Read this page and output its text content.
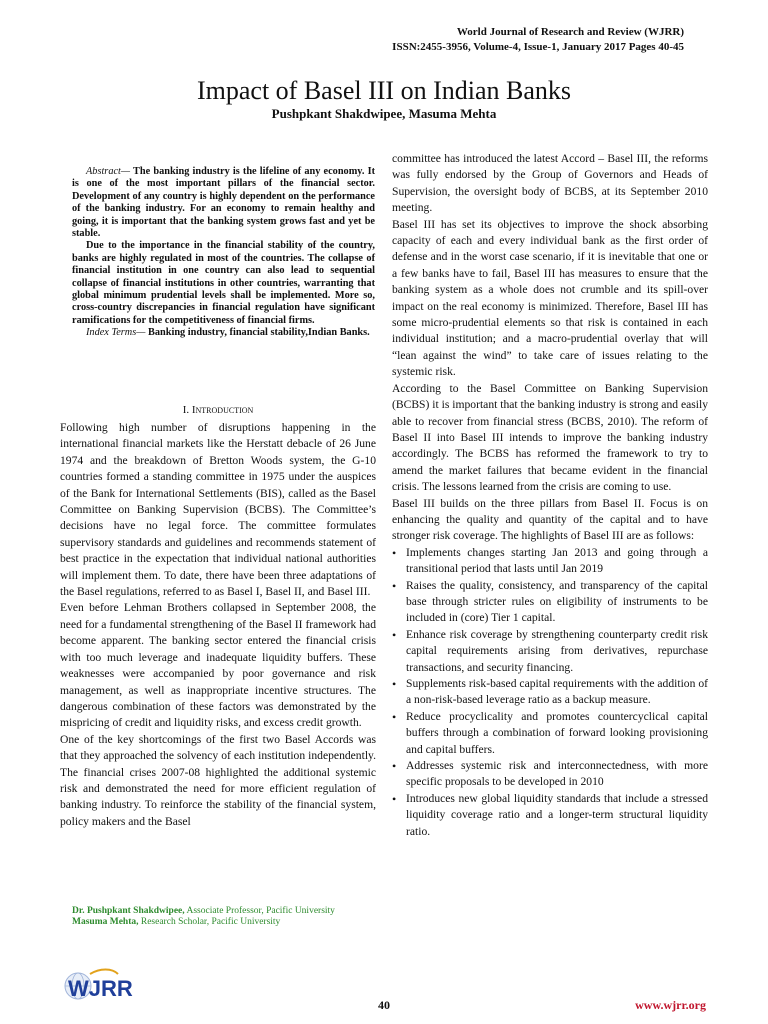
World Journal of Research and Review (WJRR)
ISSN:2455-3956, Volume-4, Issue-1, January 2017 Pages 40-45
Impact of Basel III on Indian Banks
Pushpkant Shakdwipee, Masuma Mehta

Abstract— The banking industry is the lifeline of any economy. It is one of the most important pillars of the financial sector. Development of any country is highly dependent on the performance of the banking industry. For an economy to remain healthy and going, it is important that the banking system grows fast and yet be stable.

Due to the importance in the financial stability of the country, banks are highly regulated in most of the countries. The collapse of financial institution in one country can also lead to sequential collapse of financial institutions in other countries, warranting that global minimum prudential levels shall be implemented. More so, cross-country discrepancies in financial regulation have significant ramifications for the competitiveness of financial firms.

Index Terms— Banking industry, financial stability,Indian Banks.

I. Introduction

Following high number of disruptions happening in the international financial markets like the Herstatt debacle of 26 June 1974 and the breakdown of Bretton Woods system, the G-10 countries formed a standing committee in 1975 under the auspices of the Bank for International Settlements (BIS), called as the Basel Committee on Banking Supervision (BCBS). The Committee’s decisions have no legal force. The committee formulates supervisory standards and guidelines and recommends statement of best practice in the expectation that individual national authorities will implement them. To date, there have been three adaptations of the Basel regulations, referred to as Basel I, Basel II, and Basel III.

Even before Lehman Brothers collapsed in September 2008, the need for a fundamental strengthening of the Basel II framework had become apparent. The banking sector entered the financial crisis with too much leverage and inadequate liquidity buffers. These weaknesses were accompanied by poor governance and risk management, as well as inappropriate incentive structures. The dangerous combination of these factors was demonstrated by the mispricing of credit and liquidity risks, and excess credit growth.

One of the key shortcomings of the first two Basel Accords was that they approached the solvency of each institution independently. The financial crises 2007-08 highlighted the additional systemic risk and demonstrated the need for more efficient regulation of banking industry. To reinforce the stability of the financial system, policy makers and the Basel

committee has introduced the latest Accord – Basel III, the reforms was fully endorsed by the Group of Governors and Heads of Supervision, the oversight body of BCBS, at its September 2010 meeting.

Basel III has set its objectives to improve the shock absorbing capacity of each and every individual bank as the first order of defense and in the worst case scenario, if it is inevitable that one or a few banks have to fail, Basel III has measures to ensure that the banking system as a whole does not crumble and its spill-over impact on the real economy is minimized. Therefore, Basel III has some micro-prudential elements so that risk is contained in each individual institution; and a macro-prudential overlay that will “lean against the wind” to take care of issues relating to the systemic risk.

According to the Basel Committee on Banking Supervision (BCBS) it is important that the banking industry is strong and easily able to recover from financial stress (BCBS, 2010). The reform of Basel II into Basel III intends to improve the banking industry accordingly. The BCBS has reformed the framework to try to amend the market failures that became evident in the financial crisis. The lessons learned from the crisis are coming to use.

Basel III builds on the three pillars from Basel II. Focus is on enhancing the quality and quantity of the capital and to have stronger risk coverage. The highlights of Basel III are as follows:

• Implements changes starting Jan 2013 and going through a transitional period that lasts until Jan 2019
• Raises the quality, consistency, and transparency of the capital base through stricter rules on eligibility of instruments to be included in (core) Tier 1 capital.
• Enhance risk coverage by strengthening counterparty credit risk capital requirements arising from derivatives, repurchase transactions, and security financing.
• Supplements risk-based capital requirements with the addition of a non-risk-based leverage ratio as a backup measure.
• Reduce procyclicality and promotes countercyclical capital buffers through a combination of forward looking provisioning and capital buffers.
• Addresses systemic risk and interconnectedness, with more specific proposals to be developed in 2010
• Introduces new global liquidity standards that include a stressed liquidity coverage ratio and a longer-term structural liquidity ratio.
Dr. Pushpkant Shakdwipee, Associate Professor, Pacific University
Masuma Mehta, Research Scholar, Pacific University
WJRR
40	www.wjrr.org
